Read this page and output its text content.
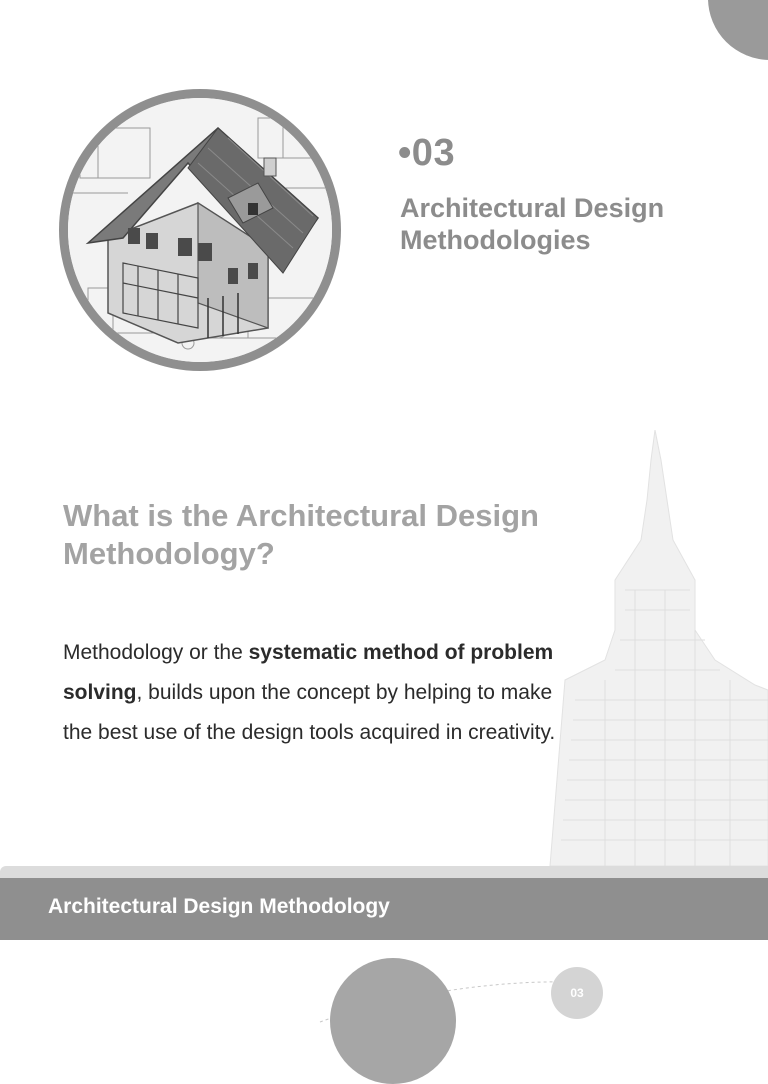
•03
Architectural Design Methodologies
What is the Architectural Design Methodology?

Methodology or the systematic method of problem solving, builds upon the concept by helping to make the best use of the design tools acquired in creativity.

Architectural Design Methodology
03
